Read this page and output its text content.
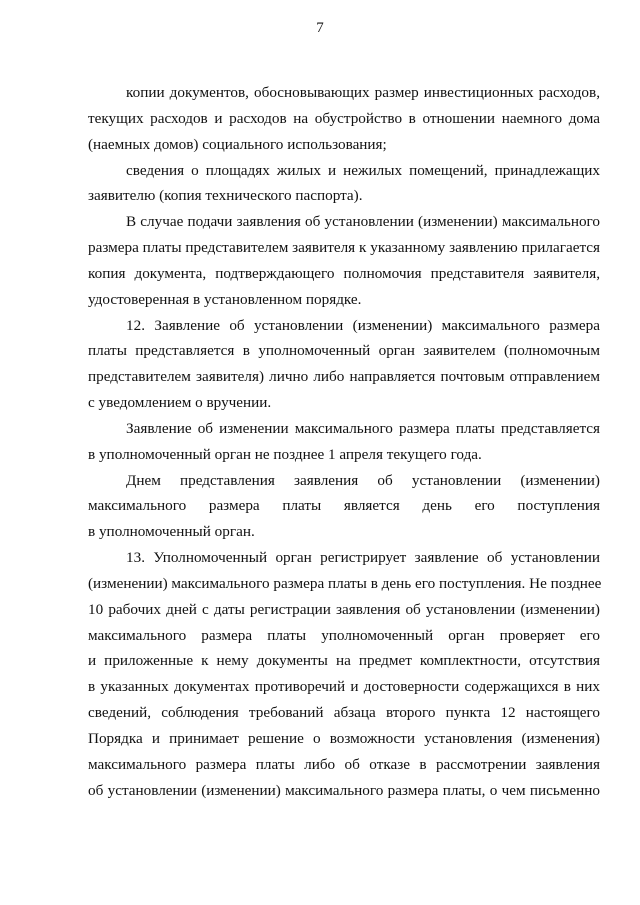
7
копии документов, обосновывающих размер инвестиционных расходов,
текущих расходов и расходов на обустройство в отношении наемного дома
(наемных домов) социального использования;
сведения о площадях жилых и нежилых помещений, принадлежащих
заявителю (копия технического паспорта).
В случае подачи заявления об установлении (изменении) максимального
размера платы представителем заявителя к указанному заявлению прилагается
копия документа, подтверждающего полномочия представителя заявителя,
удостоверенная в установленном порядке.
12. Заявление об установлении (изменении) максимального размера
платы представляется в уполномоченный орган заявителем (полномочным
представителем заявителя) лично либо направляется почтовым отправлением
с уведомлением о вручении.
Заявление об изменении максимального размера платы представляется
в уполномоченный орган не позднее 1 апреля текущего года.
Днем представления заявления об установлении (изменении)
максимального размера платы является день его поступления
в уполномоченный орган.
13. Уполномоченный орган регистрирует заявление об установлении
(изменении) максимального размера платы в день его поступления. Не позднее
10 рабочих дней с даты регистрации заявления об установлении (изменении)
максимального размера платы уполномоченный орган проверяет его
и приложенные к нему документы на предмет комплектности, отсутствия
в указанных документах противоречий и достоверности содержащихся в них
сведений, соблюдения требований абзаца второго пункта 12 настоящего
Порядка и принимает решение о возможности установления (изменения)
максимального размера платы либо об отказе в рассмотрении заявления
об установлении (изменении) максимального размера платы, о чем письменно
